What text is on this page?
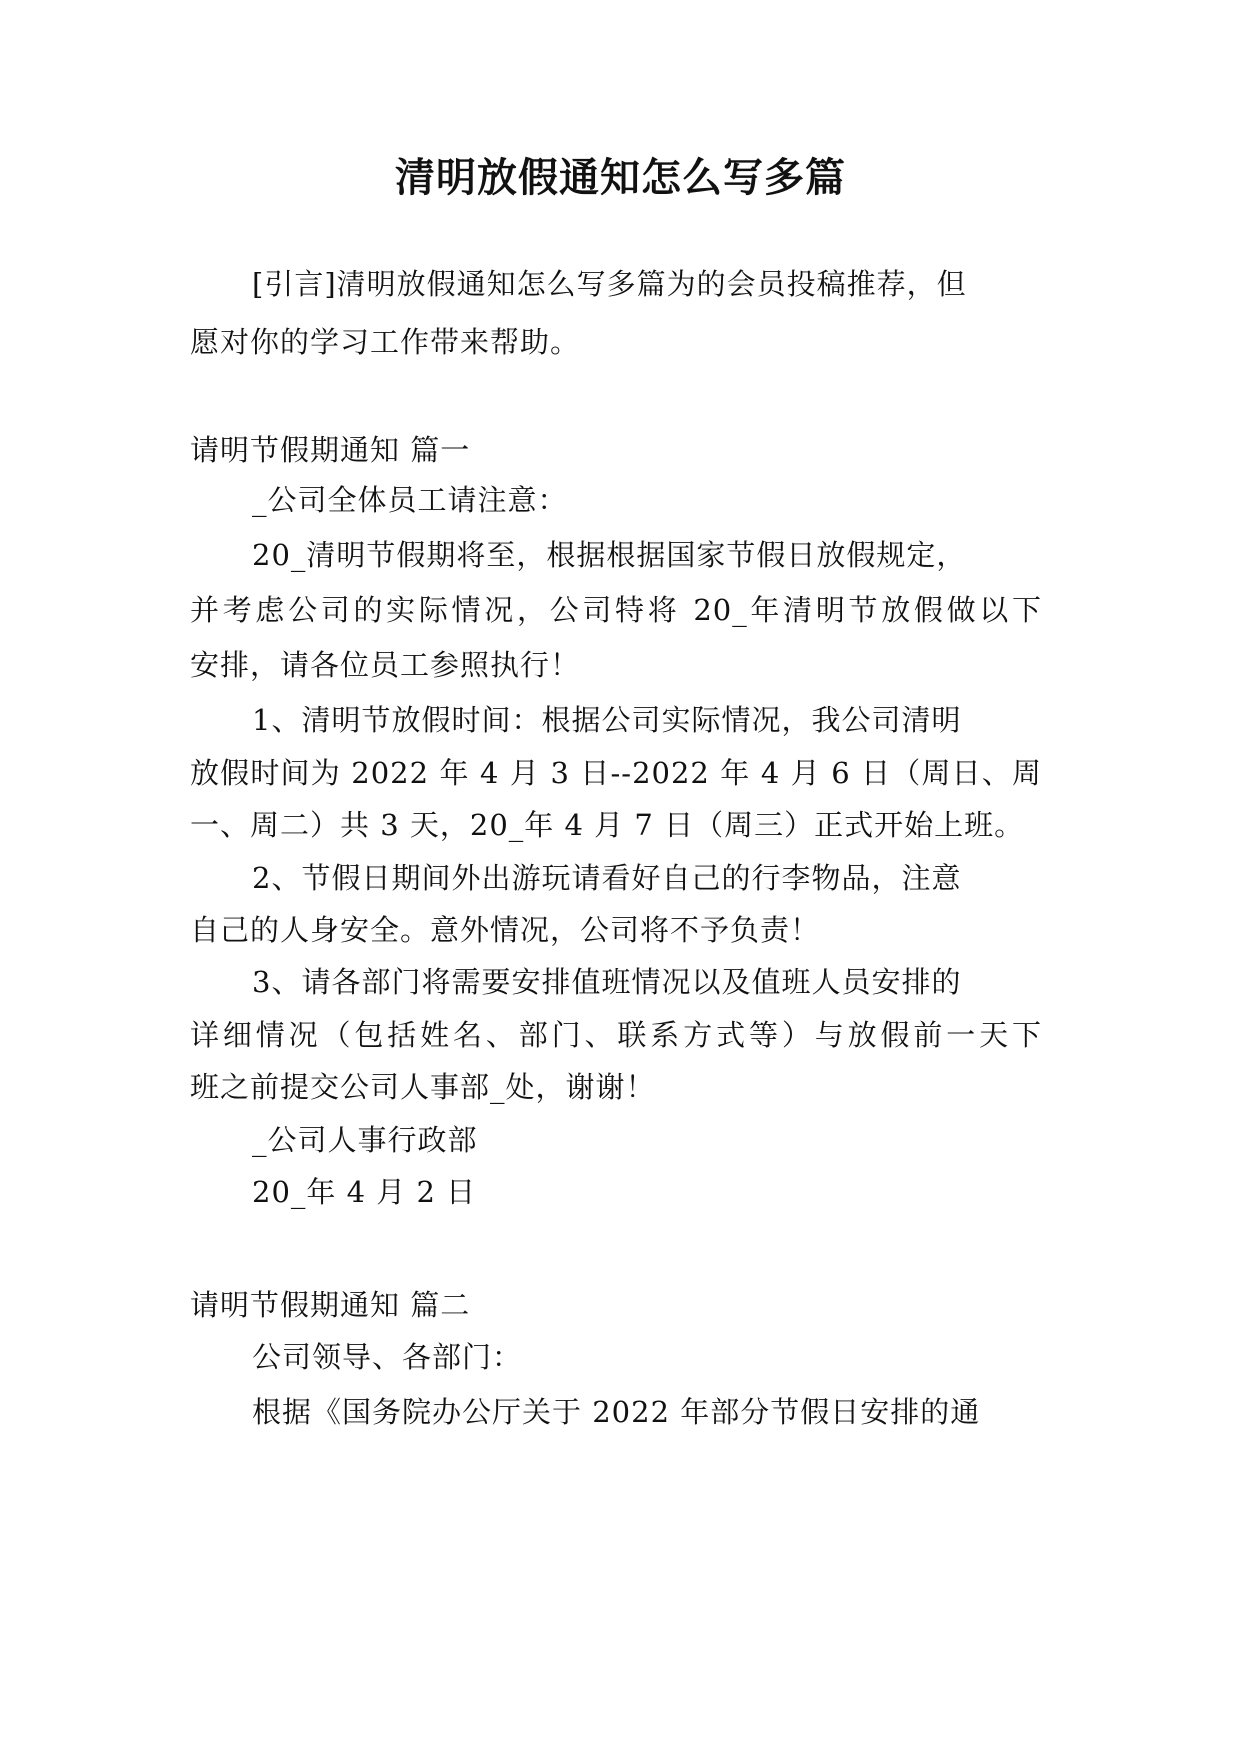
清明放假通知怎么写多篇

[引言]清明放假通知怎么写多篇为的会员投稿推荐，但

愿对你的学习工作带来帮助。

请明节假期通知 篇一

_公司全体员工请注意：

20_清明节假期将至，根据根据国家节假日放假规定，

并考虑公司的实际情况，公司特将 20_年清明节放假做以下

安排，请各位员工参照执行！

1、清明节放假时间：根据公司实际情况，我公司清明

放假时间为 2022 年 4 月 3 日--2022 年 4 月 6 日（周日、周

一、周二）共 3 天，20_年 4 月 7 日（周三）正式开始上班。

2、节假日期间外出游玩请看好自己的行李物品，注意

自己的人身安全。意外情况，公司将不予负责！

3、请各部门将需要安排值班情况以及值班人员安排的

详细情况（包括姓名、部门、联系方式等）与放假前一天下

班之前提交公司人事部_处，谢谢！

_公司人事行政部

20_年 4 月 2 日

请明节假期通知 篇二

公司领导、各部门：

根据《国务院办公厅关于 2022 年部分节假日安排的通
